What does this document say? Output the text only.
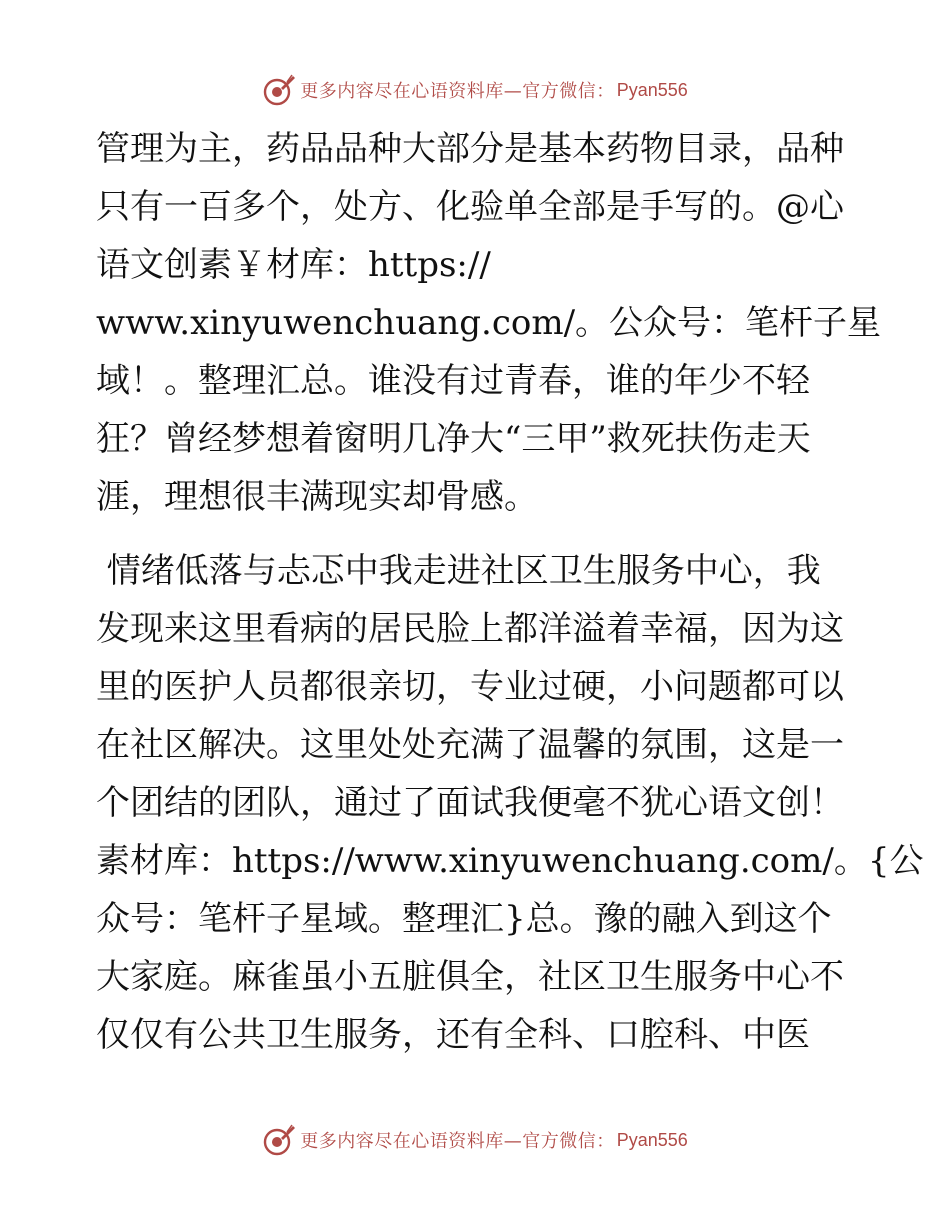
更多内容尽在心语资料库—官方微信： Pyan556
管理为主，药品品种大部分是基本药物目录，品种
只有一百多个，处方、化验单全部是手写的。@心
语文创素￥材库：https://
www.xinyuwenchuang.com/。公众号：笔杆子星
域！。整理汇总。谁没有过青春，谁的年少不轻
狂？曾经梦想着窗明几净大“三甲”救死扶伤走天
涯，理想很丰满现实却骨感。
情绪低落与忐忑中我走进社区卫生服务中心，我
发现来这里看病的居民脸上都洋溢着幸福，因为这
里的医护人员都很亲切，专业过硬，小问题都可以
在社区解决。这里处处充满了温馨的氛围，这是一
个团结的团队，通过了面试我便毫不犹心语文创！
素材库：https://www.xinyuwenchuang.com/。{公
众号：笔杆子星域。整理汇}总。豫的融入到这个
大家庭。麻雀虽小五脏俱全，社区卫生服务中心不
仅仅有公共卫生服务，还有全科、口腔科、中医
更多内容尽在心语资料库—官方微信： Pyan556
